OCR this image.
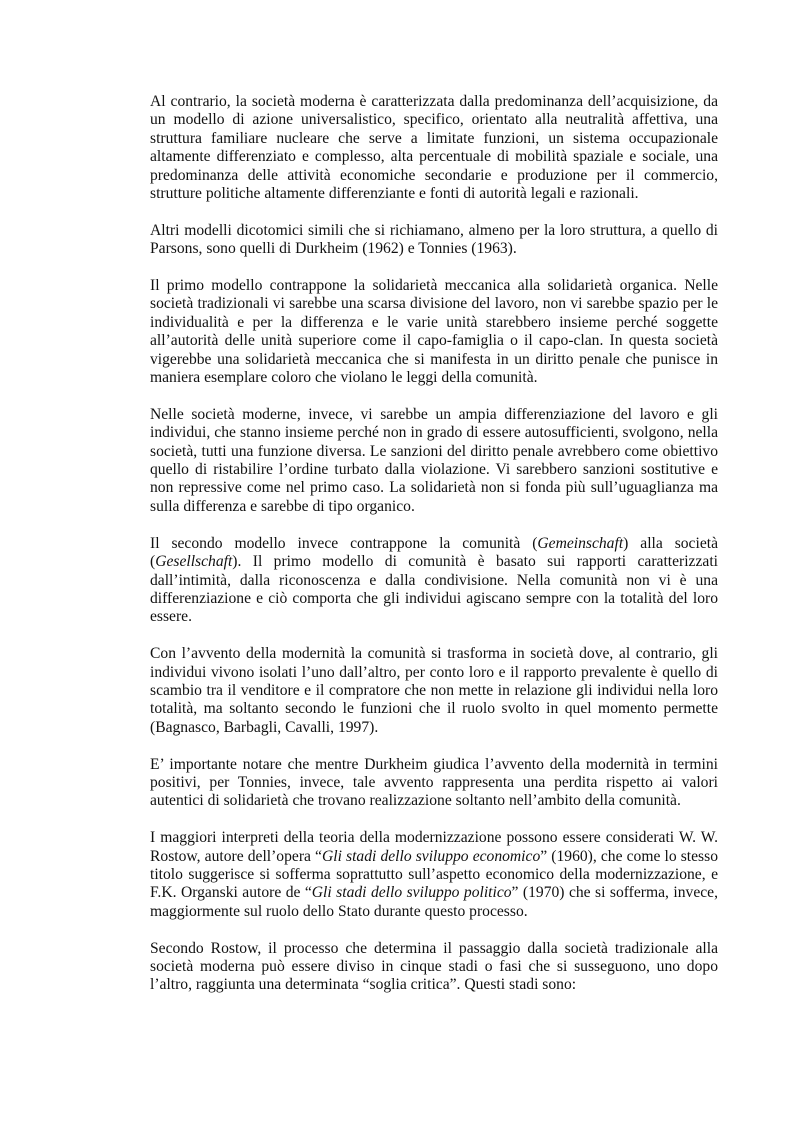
Al contrario, la società moderna è caratterizzata dalla predominanza dell’acquisizione, da un modello di azione universalistico, specifico, orientato alla neutralità affettiva, una struttura familiare nucleare che serve a limitate funzioni, un sistema occupazionale altamente differenziato e complesso, alta percentuale di mobilità spaziale e sociale, una predominanza delle attività economiche secondarie e produzione per il commercio, strutture politiche altamente differenziante e fonti di autorità legali e razionali.

Altri modelli dicotomici simili che si richiamano, almeno per la loro struttura, a quello di Parsons, sono quelli di Durkheim (1962) e Tonnies (1963).

Il primo modello contrappone la solidarietà meccanica alla solidarietà organica. Nelle società tradizionali vi sarebbe una scarsa divisione del lavoro, non vi sarebbe spazio per le individualità e per la differenza e le varie unità starebbero insieme perché soggette all’autorità delle unità superiore come il capo-famiglia o il capo-clan. In questa società vigerebbe una solidarietà meccanica che si manifesta in un diritto penale che punisce in maniera esemplare coloro che violano le leggi della comunità.

Nelle società moderne, invece, vi sarebbe un ampia differenziazione del lavoro e gli individui, che stanno insieme perché non in grado di essere autosufficienti, svolgono, nella società, tutti una funzione diversa. Le sanzioni del diritto penale avrebbero come obiettivo quello di ristabilire l’ordine turbato dalla violazione. Vi sarebbero sanzioni sostitutive e non repressive come nel primo caso. La solidarietà non si fonda più sull’uguaglianza ma sulla differenza e sarebbe di tipo organico.

Il secondo modello invece contrappone la comunità (Gemeinschaft) alla società (Gesellschaft). Il primo modello di comunità è basato sui rapporti caratterizzati dall’intimità, dalla riconoscenza e dalla condivisione. Nella comunità non vi è una differenziazione e ciò comporta che gli individui agiscano sempre con la totalità del loro essere.

Con l’avvento della modernità la comunità si trasforma in società dove, al contrario, gli individui vivono isolati l’uno dall’altro, per conto loro e il rapporto prevalente è quello di scambio tra il venditore e il compratore che non mette in relazione gli individui nella loro totalità, ma soltanto secondo le funzioni che il ruolo svolto in quel momento permette (Bagnasco, Barbagli, Cavalli, 1997).

E’ importante notare che mentre Durkheim giudica l’avvento della modernità in termini positivi, per Tonnies, invece, tale avvento rappresenta una perdita rispetto ai valori autentici di solidarietà che trovano realizzazione soltanto nell’ambito della comunità.

I maggiori interpreti della teoria della modernizzazione possono essere considerati W. W. Rostow, autore dell’opera “Gli stadi dello sviluppo economico” (1960), che come lo stesso titolo suggerisce si sofferma soprattutto sull’aspetto economico della modernizzazione, e F.K. Organski autore de “Gli stadi dello sviluppo politico” (1970) che si sofferma, invece, maggiormente sul ruolo dello Stato durante questo processo.

Secondo Rostow, il processo che determina il passaggio dalla società tradizionale alla società moderna può essere diviso in cinque stadi o fasi che si susseguono, uno dopo l’altro, raggiunta una determinata “soglia critica”. Questi stadi sono:
